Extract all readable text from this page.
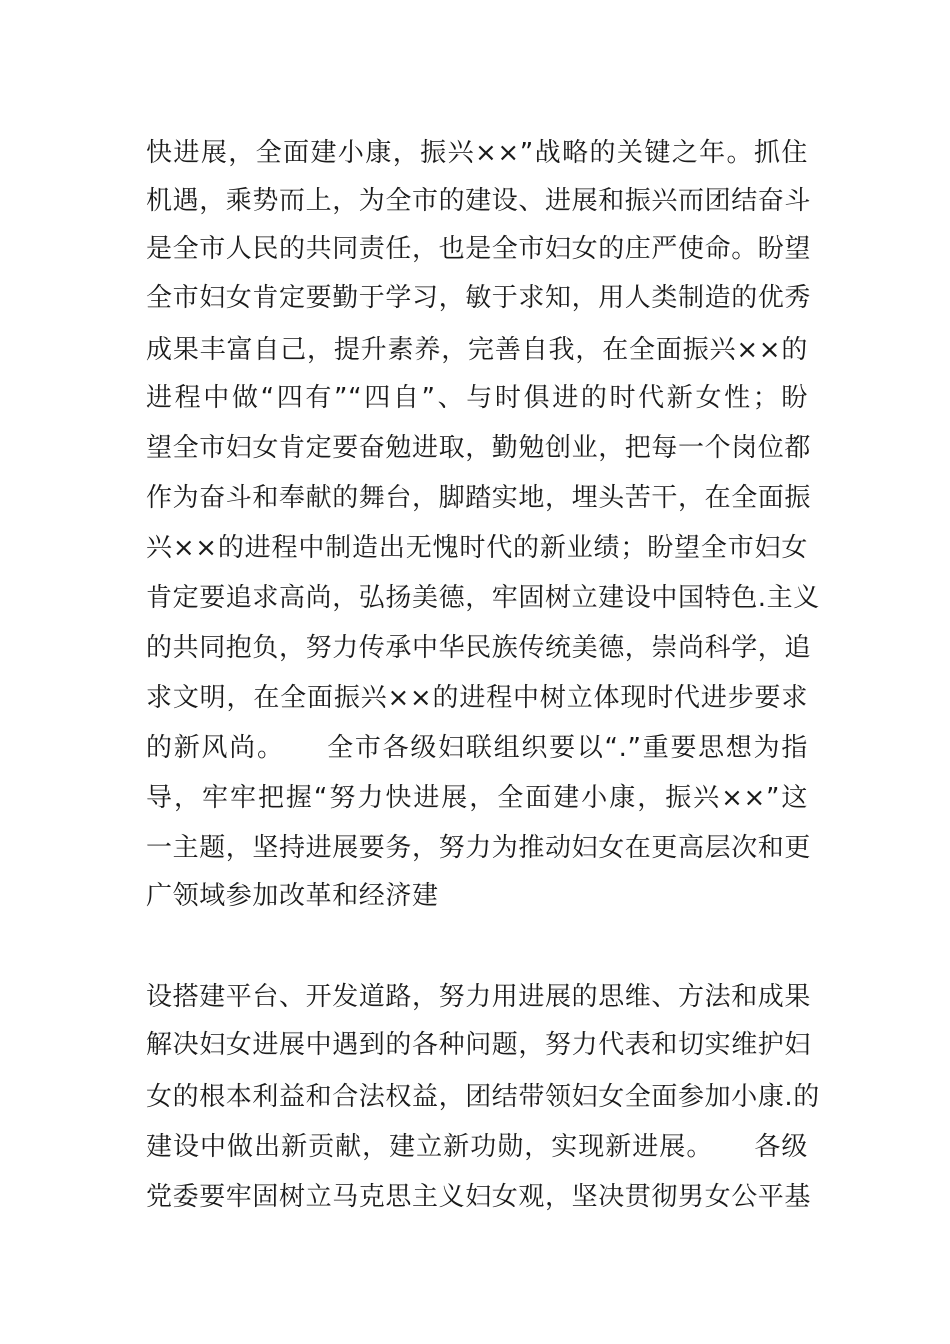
快进展，全面建小康，振兴××”战略的关键之年。抓住
机遇，乘势而上，为全市的建设、进展和振兴而团结奋斗
是全市人民的共同责任，也是全市妇女的庄严使命。盼望
全市妇女肯定要勤于学习，敏于求知，用人类制造的优秀
成果丰富自己，提升素养，完善自我，在全面振兴××的
进程中做“四有”“四自”、与时俱进的时代新女性；盼
望全市妇女肯定要奋勉进取，勤勉创业，把每一个岗位都
作为奋斗和奉献的舞台，脚踏实地，埋头苦干，在全面振
兴××的进程中制造出无愧时代的新业绩；盼望全市妇女
肯定要追求高尚，弘扬美德，牢固树立建设中国特色.主义
的共同抱负，努力传承中华民族传统美德，崇尚科学，追
求文明，在全面振兴××的进程中树立体现时代进步要求
的新风尚。　　全市各级妇联组织要以“.”重要思想为指
导，牢牢把握“努力快进展，全面建小康，振兴××”这
一主题，坚持进展要务，努力为推动妇女在更高层次和更
广领域参加改革和经济建
设搭建平台、开发道路，努力用进展的思维、方法和成果
解决妇女进展中遇到的各种问题，努力代表和切实维护妇
女的根本利益和合法权益，团结带领妇女全面参加小康.的
建设中做出新贡献，建立新功勋，实现新进展。　　各级
党委要牢固树立马克思主义妇女观，坚决贯彻男女公平基
